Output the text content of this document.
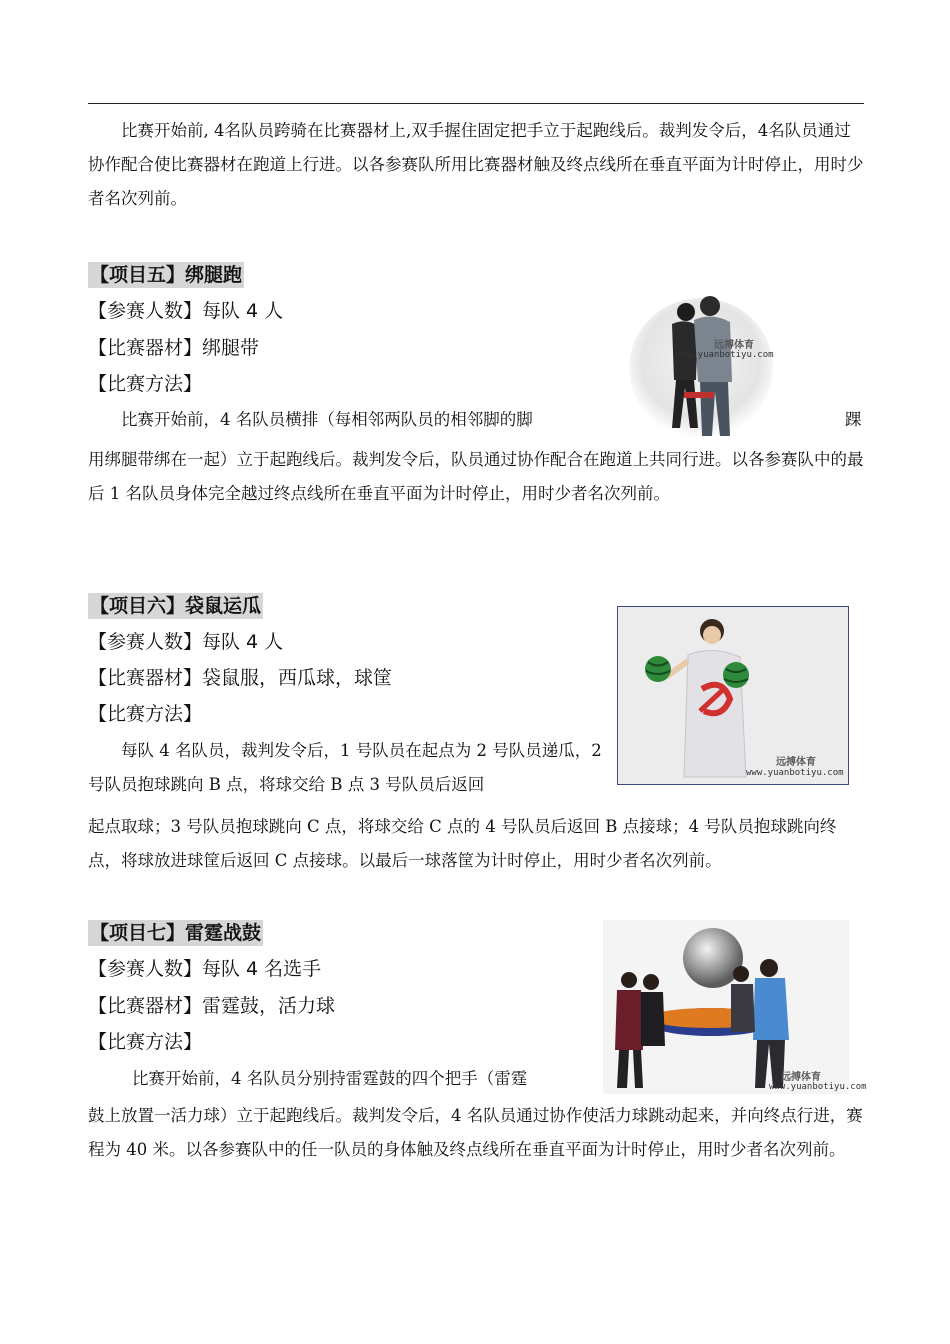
比赛开始前, 4名队员跨骑在比赛器材上,双手握住固定把手立于起跑线后。裁判发令后，4名队员通过协作配合使比赛器材在跑道上行进。以各参赛队所用比赛器材触及终点线所在垂直平面为计时停止，用时少者名次列前。
【项目五】绑腿跑
【参赛人数】每队 4 人
【比赛器材】绑腿带
【比赛方法】
比赛开始前，4 名队员横排（每相邻两队员的相邻脚的脚	踝
用绑腿带绑在一起）立于起跑线后。裁判发令后，队员通过协作配合在跑道上共同行进。以各参赛队中的最后 1 名队员身体完全越过终点线所在垂直平面为计时停止，用时少者名次列前。
远搏体育
www.yuanbotiyu.com
【项目六】袋鼠运瓜
【参赛人数】每队 4 人
【比赛器材】袋鼠服，西瓜球，球筐
【比赛方法】
每队 4 名队员，裁判发令后，1 号队员在起点为 2 号队员递瓜，2 号队员抱球跳向 B 点，将球交给 B 点 3 号队员后返回
起点取球；3 号队员抱球跳向 C 点，将球交给 C 点的 4 号队员后返回 B 点接球；4 号队员抱球跳向终点，将球放进球筐后返回 C 点接球。以最后一球落筐为计时停止，用时少者名次列前。
远搏体育
www.yuanbotiyu.com
【项目七】雷霆战鼓
【参赛人数】每队 4 名选手
【比赛器材】雷霆鼓，活力球
【比赛方法】
比赛开始前，4 名队员分别持雷霆鼓的四个把手（雷霆
鼓上放置一活力球）立于起跑线后。裁判发令后，4 名队员通过协作使活力球跳动起来，并向终点行进，赛程为 40 米。以各参赛队中的任一队员的身体触及终点线所在垂直平面为计时停止，用时少者名次列前。
远搏体育
www.yuanbotiyu.com
